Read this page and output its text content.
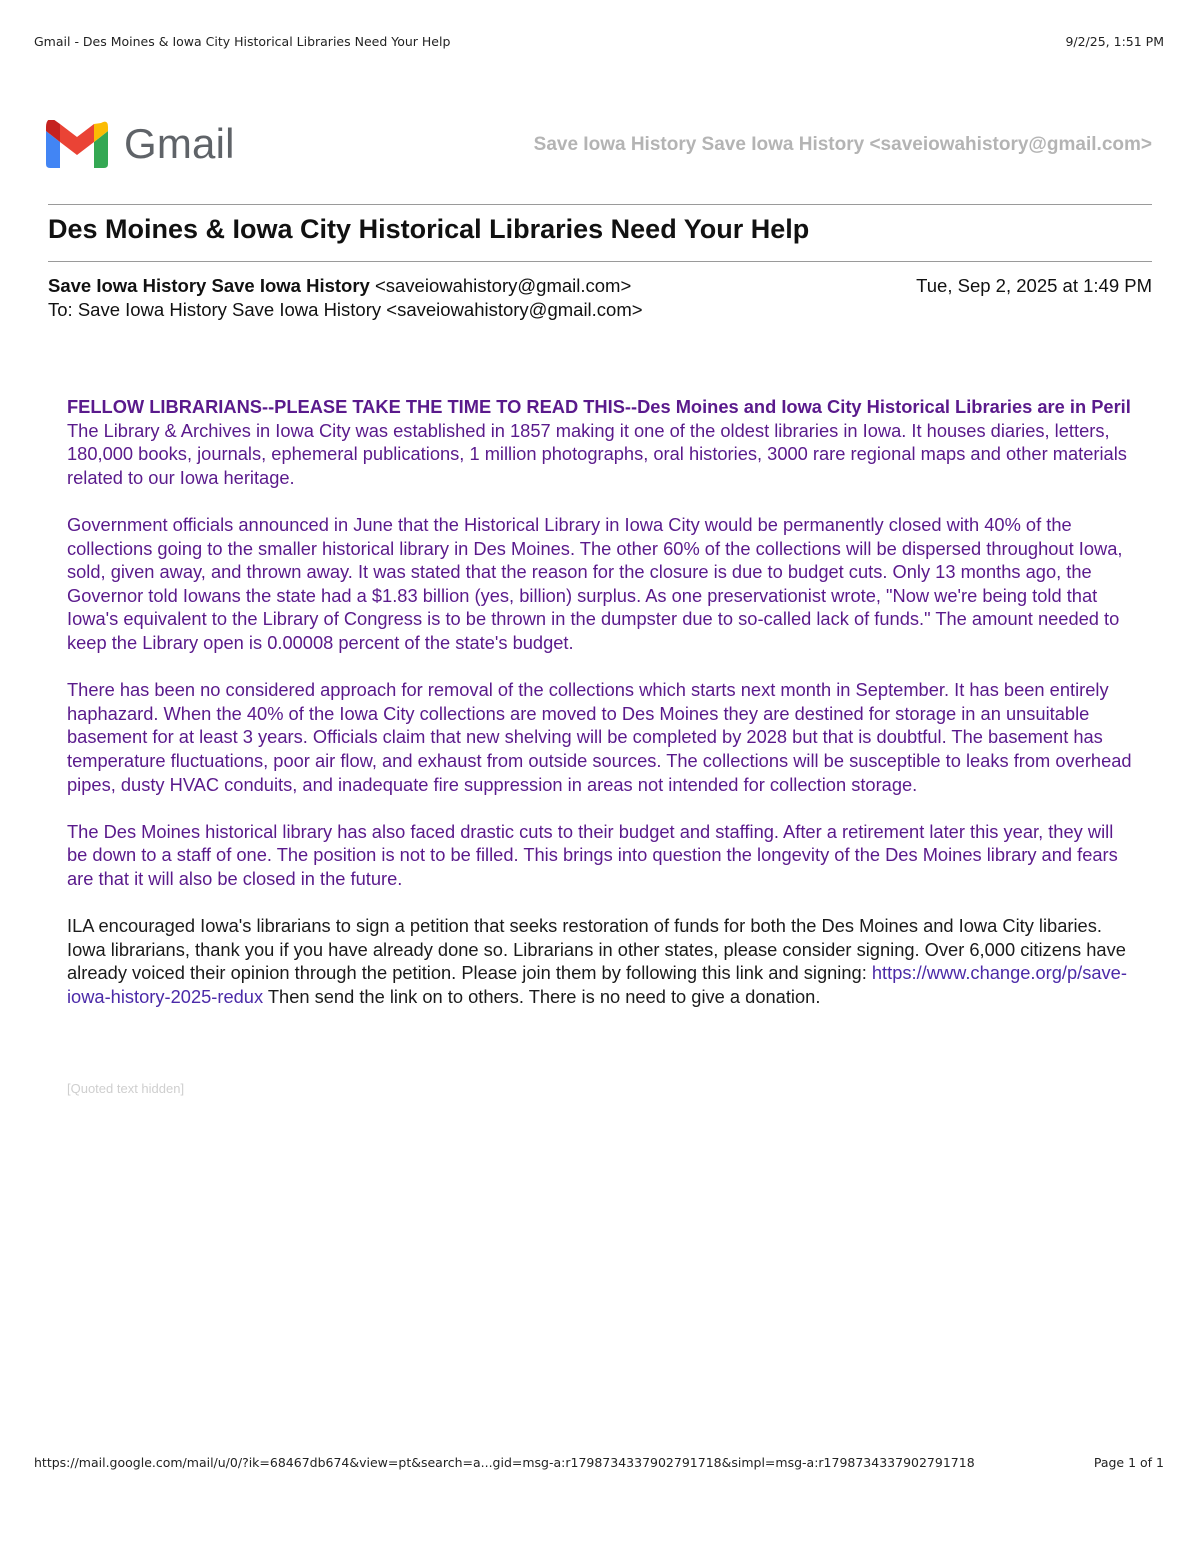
Gmail - Des Moines & Iowa City Historical Libraries Need Your Help	9/2/25, 1:51 PM
Gmail	Save Iowa History Save Iowa History <saveiowahistory@gmail.com>
Des Moines & Iowa City Historical Libraries Need Your Help
Save Iowa History Save Iowa History <saveiowahistory@gmail.com>	Tue, Sep 2, 2025 at 1:49 PM
To: Save Iowa History Save Iowa History <saveiowahistory@gmail.com>

FELLOW LIBRARIANS--PLEASE TAKE THE TIME TO READ THIS--Des Moines and Iowa City Historical Libraries are in Peril The Library & Archives in Iowa City was established in 1857 making it one of the oldest libraries in Iowa. It houses diaries, letters, 180,000 books, journals, ephemeral publications, 1 million photographs, oral histories, 3000 rare regional maps and other materials related to our Iowa heritage.

Government officials announced in June that the Historical Library in Iowa City would be permanently closed with 40% of the collections going to the smaller historical library in Des Moines. The other 60% of the collections will be dispersed throughout Iowa, sold, given away, and thrown away. It was stated that the reason for the closure is due to budget cuts. Only 13 months ago, the Governor told Iowans the state had a $1.83 billion (yes, billion) surplus. As one preservationist wrote, "Now we're being told that Iowa's equivalent to the Library of Congress is to be thrown in the dumpster due to so-called lack of funds." The amount needed to keep the Library open is 0.00008 percent of the state's budget.

There has been no considered approach for removal of the collections which starts next month in September. It has been entirely haphazard. When the 40% of the Iowa City collections are moved to Des Moines they are destined for storage in an unsuitable basement for at least 3 years. Officials claim that new shelving will be completed by 2028 but that is doubtful. The basement has temperature fluctuations, poor air flow, and exhaust from outside sources. The collections will be susceptible to leaks from overhead pipes, dusty HVAC conduits, and inadequate fire suppression in areas not intended for collection storage.

The Des Moines historical library has also faced drastic cuts to their budget and staffing. After a retirement later this year, they will be down to a staff of one. The position is not to be filled. This brings into question the longevity of the Des Moines library and fears are that it will also be closed in the future.

ILA encouraged Iowa's librarians to sign a petition that seeks restoration of funds for both the Des Moines and Iowa City libaries. Iowa librarians, thank you if you have already done so. Librarians in other states, please consider signing. Over 6,000 citizens have already voiced their opinion through the petition. Please join them by following this link and signing: https://www.change.org/p/save-iowa-history-2025-redux Then send the link on to others. There is no need to give a donation.

[Quoted text hidden]
https://mail.google.com/mail/u/0/?ik=68467db674&view=pt&search=a...gid=msg-a:r1798734337902791718&simpl=msg-a:r1798734337902791718	Page 1 of 1
